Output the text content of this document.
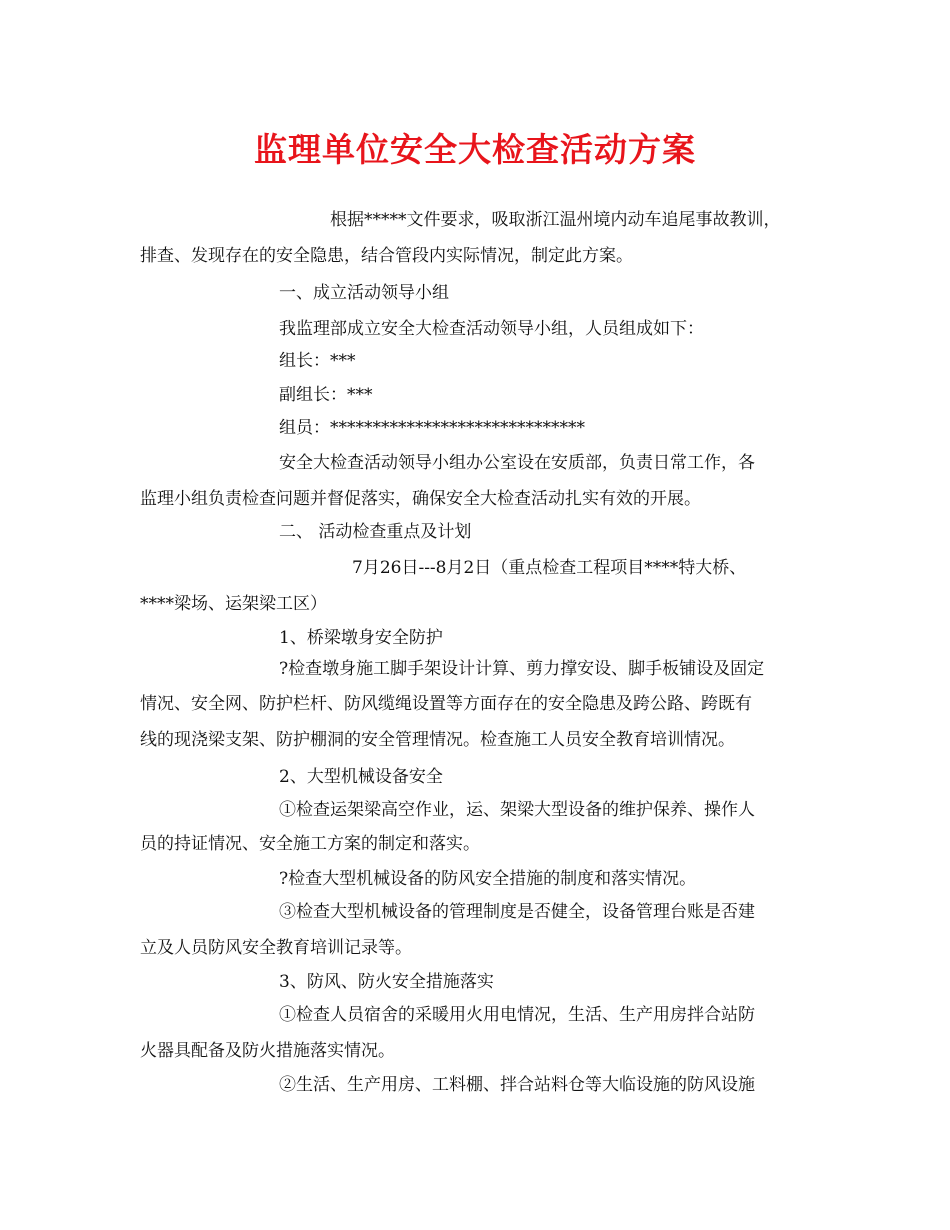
监理单位安全大检查活动方案
根据*****文件要求，吸取浙江温州境内动车追尾事故教训，
排查、发现存在的安全隐患，结合管段内实际情况，制定此方案。
一、成立活动领导小组
我监理部成立安全大检查活动领导小组，人员组成如下：
组长：***
副组长：***
组员：******************************
安全大检查活动领导小组办公室设在安质部，负责日常工作，各
监理小组负责检查问题并督促落实，确保安全大检查活动扎实有效的开展。
二、 活动检查重点及计划
7月26日---8月2日（重点检查工程项目****特大桥、
****梁场、运架梁工区）
1、桥梁墩身安全防护
?检查墩身施工脚手架设计计算、剪力撑安设、脚手板铺设及固定
情况、安全网、防护栏杆、防风缆绳设置等方面存在的安全隐患及跨公路、跨既有
线的现浇梁支架、防护棚洞的安全管理情况。检查施工人员安全教育培训情况。
2、大型机械设备安全
①检查运架梁高空作业，运、架梁大型设备的维护保养、操作人
员的持证情况、安全施工方案的制定和落实。
?检查大型机械设备的防风安全措施的制度和落实情况。
③检查大型机械设备的管理制度是否健全，设备管理台账是否建
立及人员防风安全教育培训记录等。
3、防风、防火安全措施落实
①检查人员宿舍的采暖用火用电情况，生活、生产用房拌合站防
火器具配备及防火措施落实情况。
②生活、生产用房、工料棚、拌合站料仓等大临设施的防风设施
